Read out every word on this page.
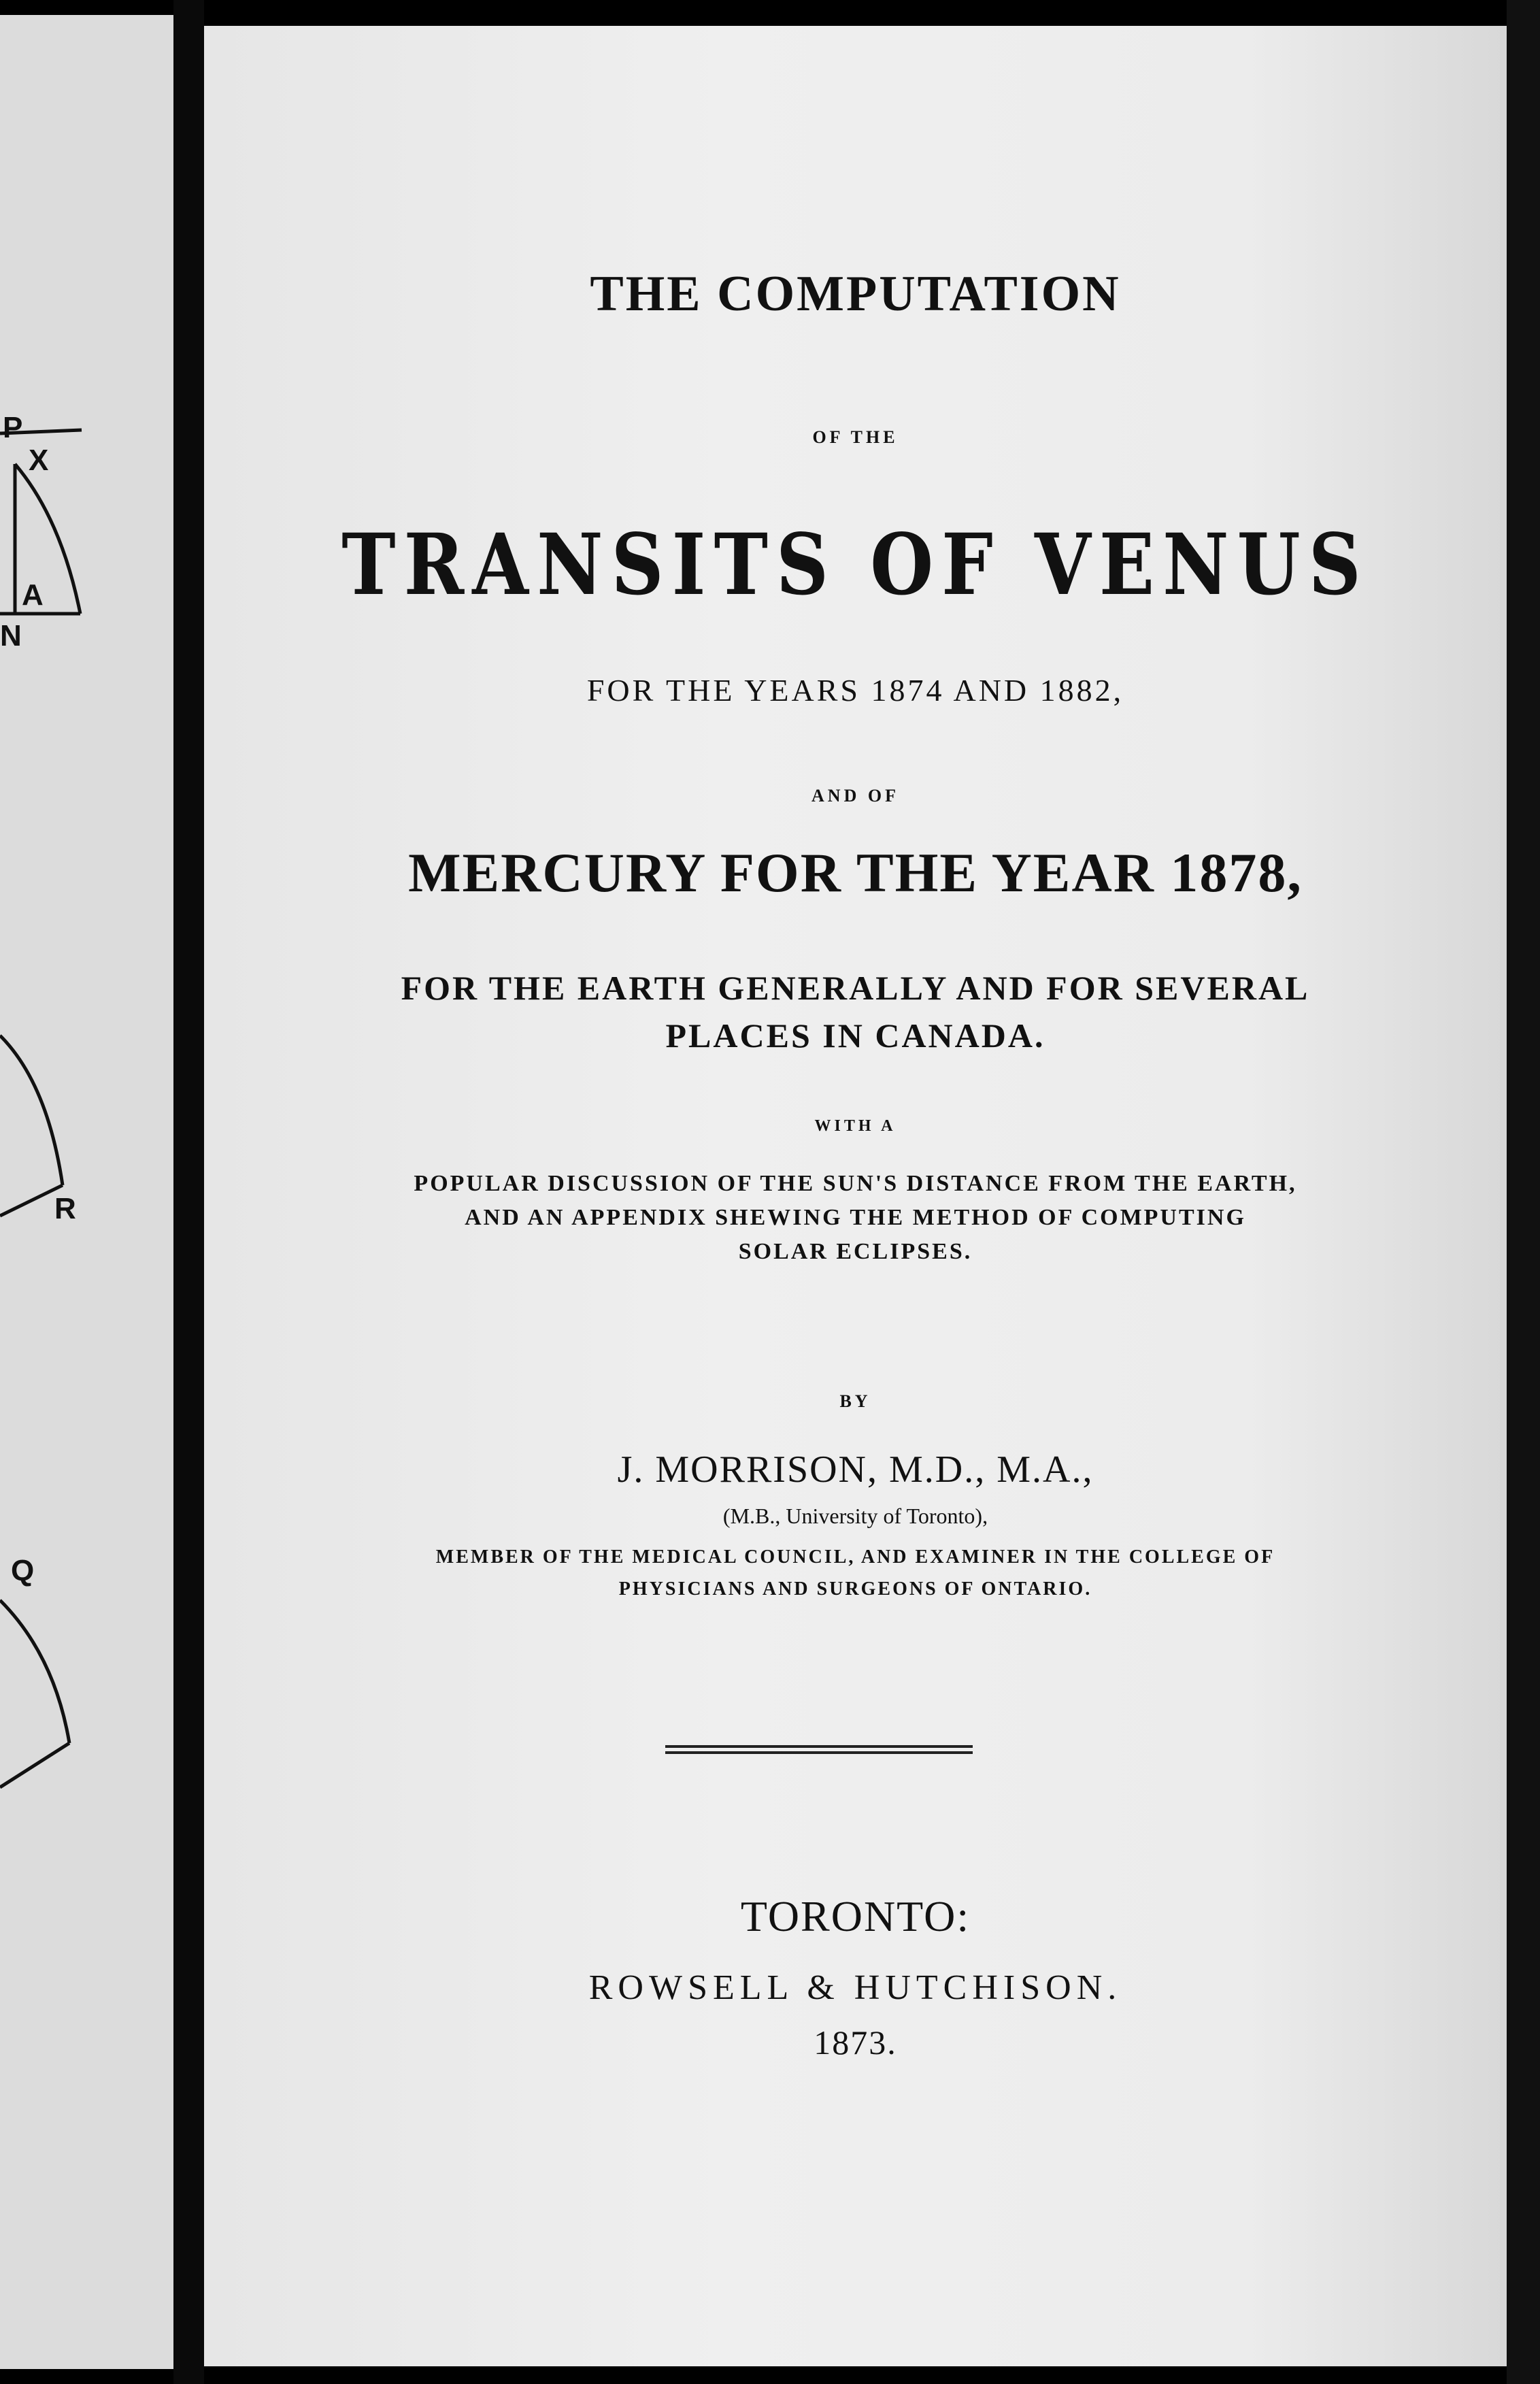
P
X
A
N
R
Q
THE COMPUTATION
OF THE
TRANSITS OF VENUS
FOR THE YEARS 1874 AND 1882,
AND OF
MERCURY FOR THE YEAR 1878,
FOR THE EARTH GENERALLY AND FOR SEVERAL
PLACES IN CANADA.
WITH A
POPULAR DISCUSSION OF THE SUN'S DISTANCE FROM THE EARTH,
AND AN APPENDIX SHEWING THE METHOD OF COMPUTING
SOLAR ECLIPSES.
BY
J. MORRISON, M.D., M.A.,
(M.B., University of Toronto),
MEMBER OF THE MEDICAL COUNCIL, AND EXAMINER IN THE COLLEGE OF
PHYSICIANS AND SURGEONS OF ONTARIO.
TORONTO:
ROWSELL & HUTCHISON.
1873.
